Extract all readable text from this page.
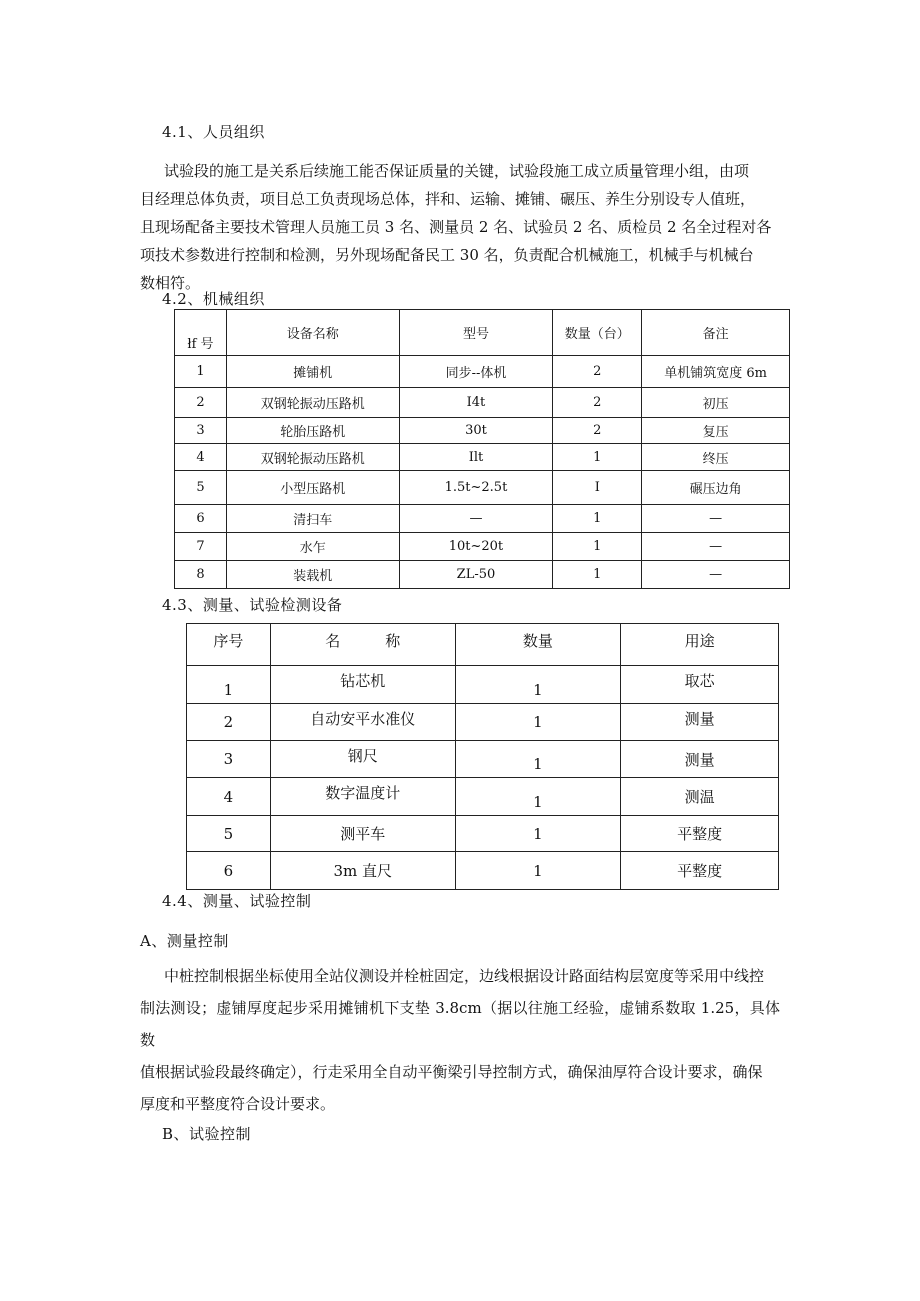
4.1、人员组织
试验段的施工是关系后续施工能否保证质量的关键，试验段施工成立质量管理小组，由项
目经理总体负责，项目总工负责现场总体，拌和、运输、摊铺、碾压、养生分别设专人值班，
且现场配备主要技术管理人员施工员 3 名、测量员 2 名、试验员 2 名、质检员 2 名全过程对各
项技术参数进行控制和检测，另外现场配备民工 30 名，负责配合机械施工，机械手与机械台
数相符。
4.2、机械组织
łf 号	设备名称	型号	数量（台）	备注
1	摊铺机	同步--体机	2	单机铺筑宽度 6m
2	双钢轮振动压路机	I4t	2	初压
3	轮胎压路机	30t	2	复压
4	双钢轮振动压路机	Ilt	1	终压
5	小型压路机	1.5t~2.5t	I	碾压边角
6	清扫车	—	1	—
7	水乍	10t~20t	1	—
8	装载机	ZL-50	1	—
4.3、测量、试验检测设备
序号	名　　　称	数量	用途
1	钻芯机	1	取芯
2	自动安平水准仪	1	测量
3	钢尺	1	测量
4	数字温度计	1	测温
5	测平车	1	平整度
6	3m 直尺	1	平整度
4.4、测量、试验控制
A、测量控制
中桩控制根据坐标使用全站仪测设并栓桩固定，边线根据设计路面结构层宽度等采用中线控
制法测设；虚铺厚度起步采用摊铺机下支垫 3.8cm（据以往施工经验，虚铺系数取 1.25，具体数
值根据试验段最终确定），行走采用全自动平衡梁引导控制方式，确保油厚符合设计要求，确保
厚度和平整度符合设计要求。
B、试验控制
